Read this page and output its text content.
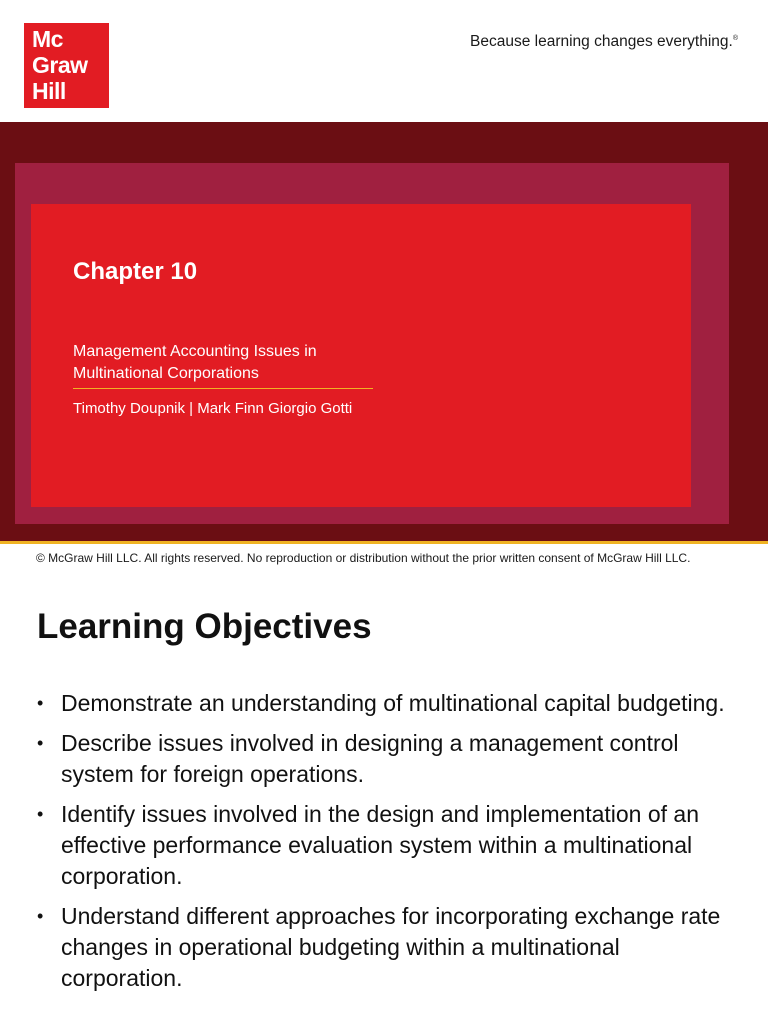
Mc
Graw
Hill
Because learning changes everything.®
Chapter 10
Management Accounting Issues in Multinational Corporations
Timothy Doupnik | Mark Finn Giorgio Gotti
© McGraw Hill LLC. All rights reserved. No reproduction or distribution without the prior written consent of McGraw Hill LLC.
Learning Objectives
• Demonstrate an understanding of multinational capital budgeting.
• Describe issues involved in designing a management control system for foreign operations.
• Identify issues involved in the design and implementation of an effective performance evaluation system within a multinational corporation.
• Understand different approaches for incorporating exchange rate changes in operational budgeting within a multinational corporation.
